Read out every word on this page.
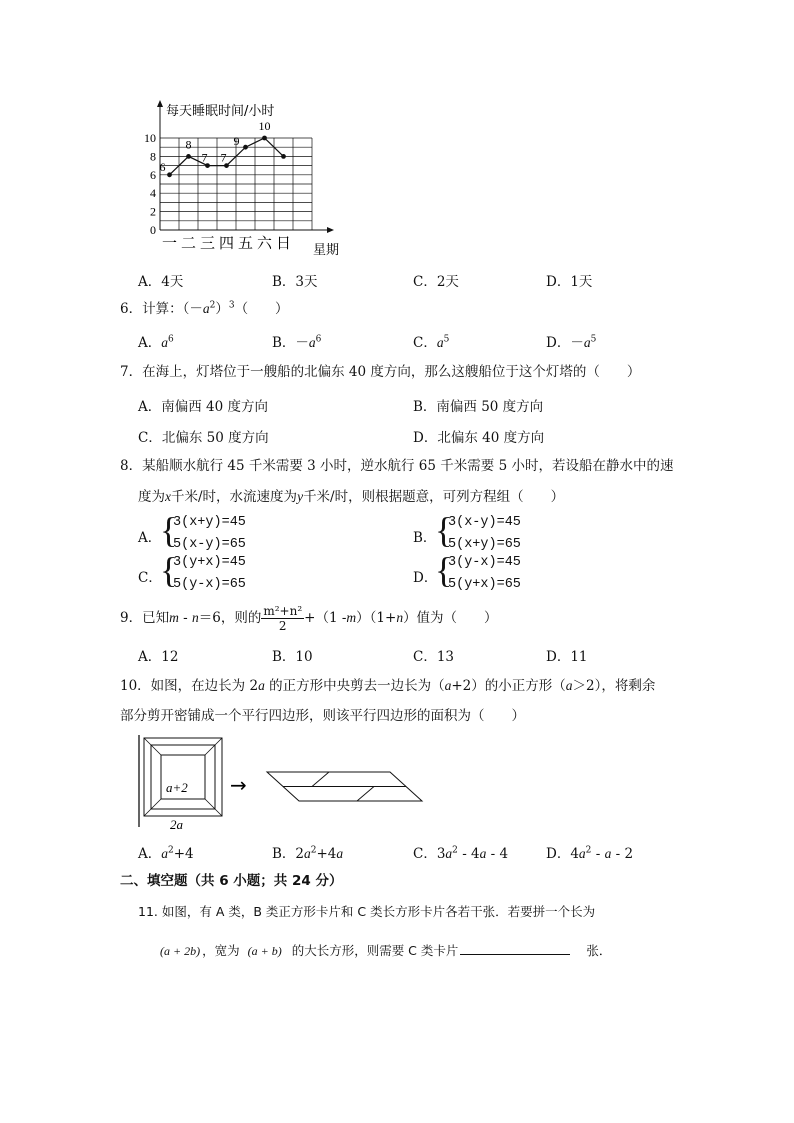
0
2
4
6
8
10
一 二 三 四 五 六 日
6
8
7 7
9
10
每天睡眠时间/小时
星期
A．4天	B．3天	C．2天	D．1天
6．计算：$(-a^2)^3$（　　）
A．$a^6$	B．$-a^6$	C．$a^5$	D．$-a^5$
7．在海上，灯塔位于一艘船的北偏东 40 度方向，那么这艘船位于这个灯塔的（　　）
A．南偏西 40 度方向	B．南偏西 50 度方向
C．北偏东 50 度方向	D．北偏东 40 度方向
8．某船顺水航行 45 千米需要 3 小时，逆水航行 65 千米需要 5 小时，若设船在静水中的速
度为x千米/时，水流速度为y千米/时，则根据题意，可列方程组（　　）
A．
{
3(x+y)=45
5(x-y)=65	B．
{
3(x-y)=45
5(x+y)=65
C．
{
3(y+x)=45
5(y-x)=65	D．
{
3(y-x)=45
5(y+x)=65
9．已知m - n＝6，则的 $\frac{\text{m²+n²}}{2} +(1$ -m）（1+n）值为（　　）
A．12	B．10	C．13	D．11
10．如图，在边长为 2a 的正方形中央剪去一边长为（a+2）的小正方形（a＞2），将剩余
部分剪开密铺成一个平行四边形，则该平行四边形的面积为（　　）
a+2
2a
→
A．$a^2+4$	B．$2a^2+4a$	C．$3a^2 - 4a - 4$	D．$4a^2$ - a - 2
二、填空题（共 6 小题；共 24 分）
11. 如图，有 A 类，B 类正方形卡片和 C 类长方形卡片各若干张．若要拼一个长为
(a + 2b) ，宽为 (a + b) 的大长方形，则需要 C 类卡片	张．
